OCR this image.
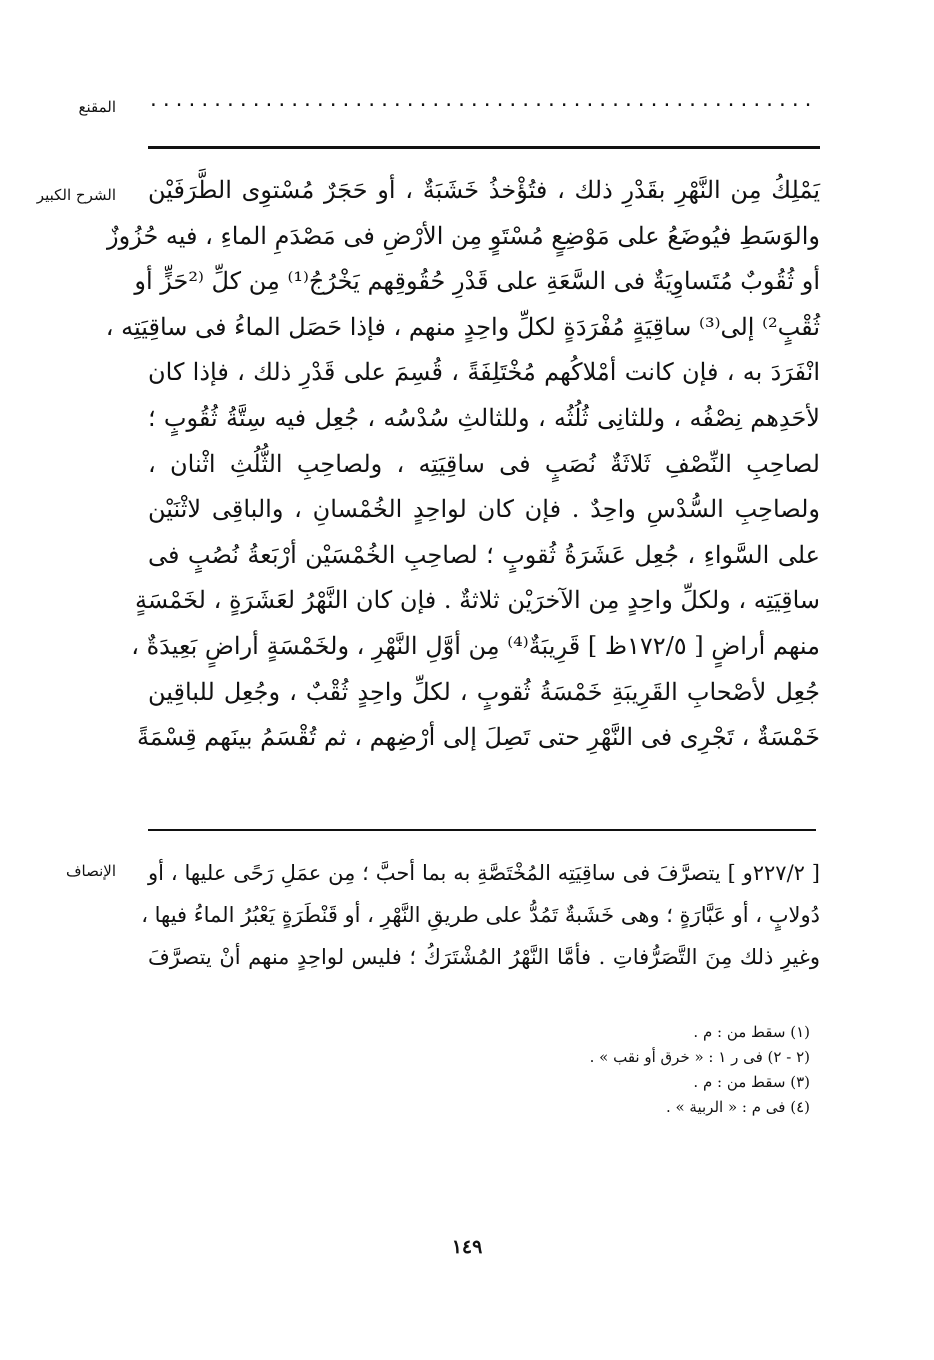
المقنع ....................................................
الشرح الكبير يَمْلِكُ مِن النَّهْرِ بقَدْرِ ذلك ، فتُؤْخذُ خَشَبَةٌ ، أو حَجَرٌ مُسْتوِى الطَّرَفَيْن
والوَسَطِ فيُوضَعُ على مَوْضِعٍ مُسْتَوٍ مِن الأرْضِ فى مَصْدَمِ الماءِ ، فيه حُزُوزٌ
أو ثُقُوبٌ مُتَساوِيَةٌ فى السَّعَةِ على قَدْرِ حُقُوقِهم يَخْرُجُ⁽¹⁾ مِن كلِّ ⁽²حَزٍّ أو
ثُقْبٍ²⁾ إلى⁽³⁾ ساقِيَةٍ مُفْرَدَةٍ لكلِّ واحِدٍ منهم ، فإذا حَصَل الماءُ فى ساقِيَتِه ،
انْفَرَدَ به ، فإن كانت أمْلاكُهم مُخْتَلِفَةً ، قُسِمَ على قَدْرِ ذلك ، فإذا كان
لأحَدِهم نِصْفُه ، وللثانِى ثُلُثُه ، وللثالثِ سُدْسُه ، جُعِل فيه سِتَّةُ ثُقُوبٍ ؛
لصاحِبِ النِّصْفِ ثَلاثَةٌ نُصَبٍ فى ساقِيَتِه ، ولصاحِبِ الثُّلُثِ اثْنان ،
ولصاحِبِ السُّدْسِ واحِدٌ . فإن كان لواحِدٍ الخُمْسانِ ، والباقِى لاثْنَيْن
على السَّواءِ ، جُعِل عَشَرَةُ ثُقوبٍ ؛ لصاحِبِ الخُمْسَيْن أرْبَعةُ نُصُبٍ فى
ساقِيَتِه ، ولكلِّ واحِدٍ مِن الآخرَيْن ثلاثةٌ . فإن كان النَّهْرُ لعَشَرَةٍ ، لخَمْسَةٍ
منهم أراضٍ [ ١٧٢/٥ظ ] قَرِيبَةٌ⁽⁴⁾ مِن أوَّلِ النَّهْرِ ، ولخَمْسَةٍ أراضٍ بَعِيدَةٌ ،
جُعِل لأصْحابِ القَرِيبَةِ خَمْسَةُ ثُقوبٍ ، لكلِّ واحِدٍ ثُقْبٌ ، وجُعِل للباقِين
خَمْسَةٌ ، تَجْرِى فى النَّهْرِ حتى تَصِلَ إلى أرْضِهم ، ثم تُقْسَمُ بينَهم قِسْمَةً
الإنصاف [ ٢٢٧/٢و ] يتصرَّفَ فى ساقِيَتِه المُخْتَصَّةِ به بما أحبَّ ؛ مِن عمَلِ رَحًى عليها ، أو
دُولابٍ ، أو عَبَّارَةٍ ؛ وهى خَشَبةٌ تَمُدُّ على طريقِ النَّهْرِ ، أو قَنْطَرَةٍ يَعْبُرُ الماءُ فيها ،
وغيرِ ذلك مِنَ التَّصَرُّفاتِ . فأمَّا النَّهْرُ المُشْتَرَكُ ؛ فليس لواحِدٍ منهم أنْ يتصرَّفَ
(١) سقط من : م .
(٢ - ٢) فى ر ١ : « خرق أو نقب » .
(٣) سقط من : م .
(٤) فى م : « الربية » .
١٤٩
